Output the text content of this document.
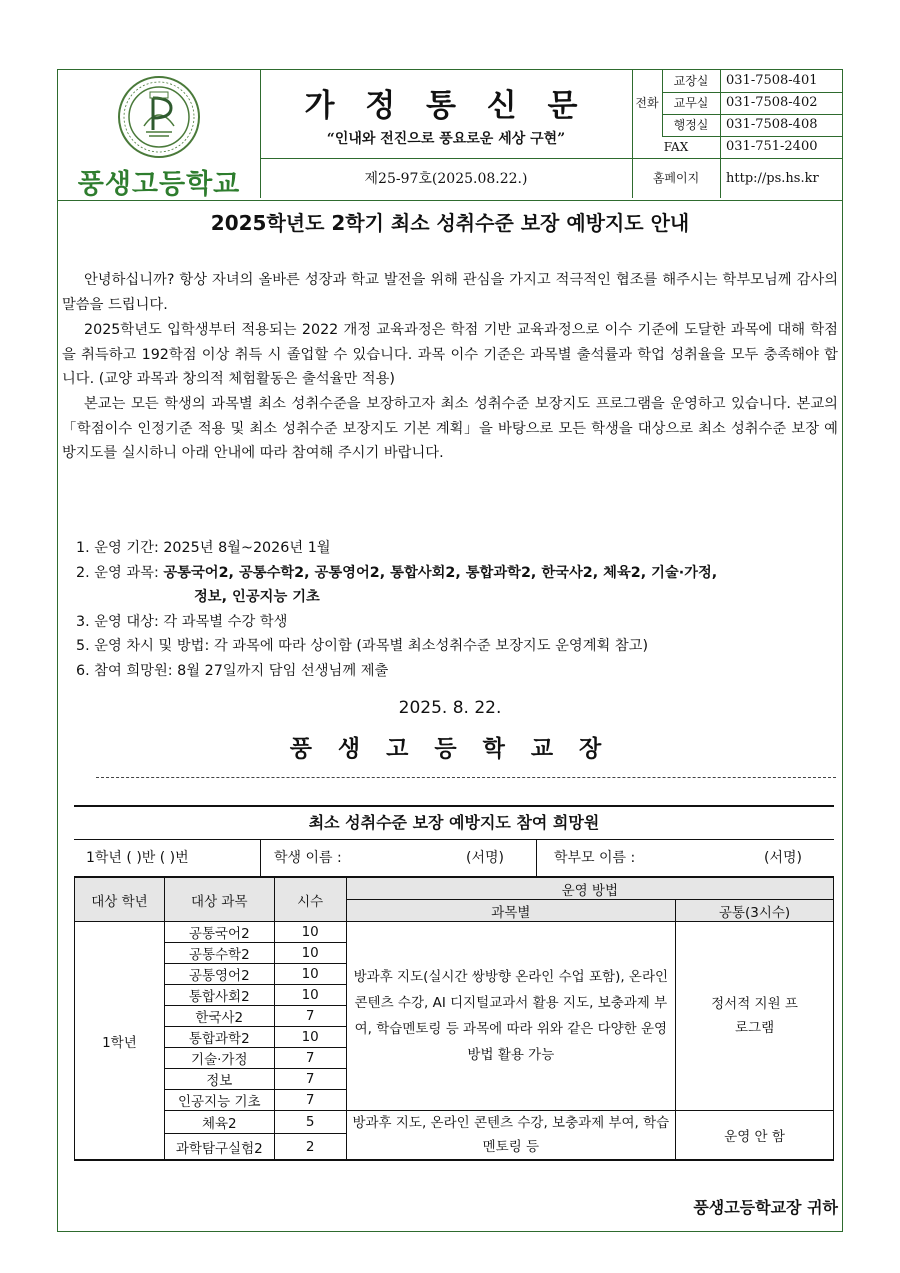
풍생고등학교
가 정 통 신 문
“인내와 전진으로 풍요로운 세상 구현”
제25-97호(2025.08.22.)
전화
교장실	031-7508-401
교무실	031-7508-402
행정실	031-7508-408
FAX	031-751-2400
홈페이지	http://ps.hs.kr
2025학년도 2학기 최소 성취수준 보장 예방지도 안내
안녕하십니까? 항상 자녀의 올바른 성장과 학교 발전을 위해 관심을 가지고 적극적인 협조를 해주시는 학부모님께 감사의 말씀을 드립니다.
2025학년도 입학생부터 적용되는 2022 개정 교육과정은 학점 기반 교육과정으로 이수 기준에 도달한 과목에 대해 학점을 취득하고 192학점 이상 취득 시 졸업할 수 있습니다. 과목 이수 기준은 과목별 출석률과 학업 성취율을 모두 충족해야 합니다. (교양 과목과 창의적 체험활동은 출석율만 적용)
본교는 모든 학생의 과목별 최소 성취수준을 보장하고자 최소 성취수준 보장지도 프로그램을 운영하고 있습니다. 본교의 「학점이수 인정기준 적용 및 최소 성취수준 보장지도 기본 계획」을 바탕으로 모든 학생을 대상으로 최소 성취수준 보장 예방지도를 실시하니 아래 안내에 따라 참여해 주시기 바랍니다.
1. 운영 기간: 2025년 8월~2026년 1월
2. 운영 과목: 공통국어2, 공통수학2, 공통영어2, 통합사회2, 통합과학2, 한국사2, 체육2, 기술·가정,
정보, 인공지능 기초
3. 운영 대상: 각 과목별 수강 학생
5. 운영 차시 및 방법: 각 과목에 따라 상이함 (과목별 최소성취수준 보장지도 운영계획 참고)
6. 참여 희망원: 8월 27일까지 담임 선생님께 제출
2025. 8. 22.
풍 생 고 등 학 교 장
최소 성취수준 보장 예방지도 참여 희망원
1학년 ( )반 ( )번	학생 이름 :	(서명)	학부모 이름 :	(서명)
대상 학년	대상 과목	시수	운영 방법	
			과목별	공통(3시수)
1학년	공통국어2	10	방과후 지도(실시간 쌍방향 온라인 수업 포함), 온라인 콘텐츠 수강, AI 디지털교과서 활용 지도, 보충과제 부여, 학습멘토링 등 과목에 따라 위와 같은 다양한 운영 방법 활용 가능	정서적 지원 프로그램
	공통수학2	10		
	공통영어2	10		
	통합사회2	10		
	한국사2	7		
	통합과학2	10		
	기술·가정	7		
	정보	7		
	인공지능 기초	7		
	체육2	5	방과후 지도, 온라인 콘텐츠 수강, 보충과제 부여, 학습멘토링 등	운영 안 함
	과학탐구실험2	2		
풍생고등학교장 귀하
